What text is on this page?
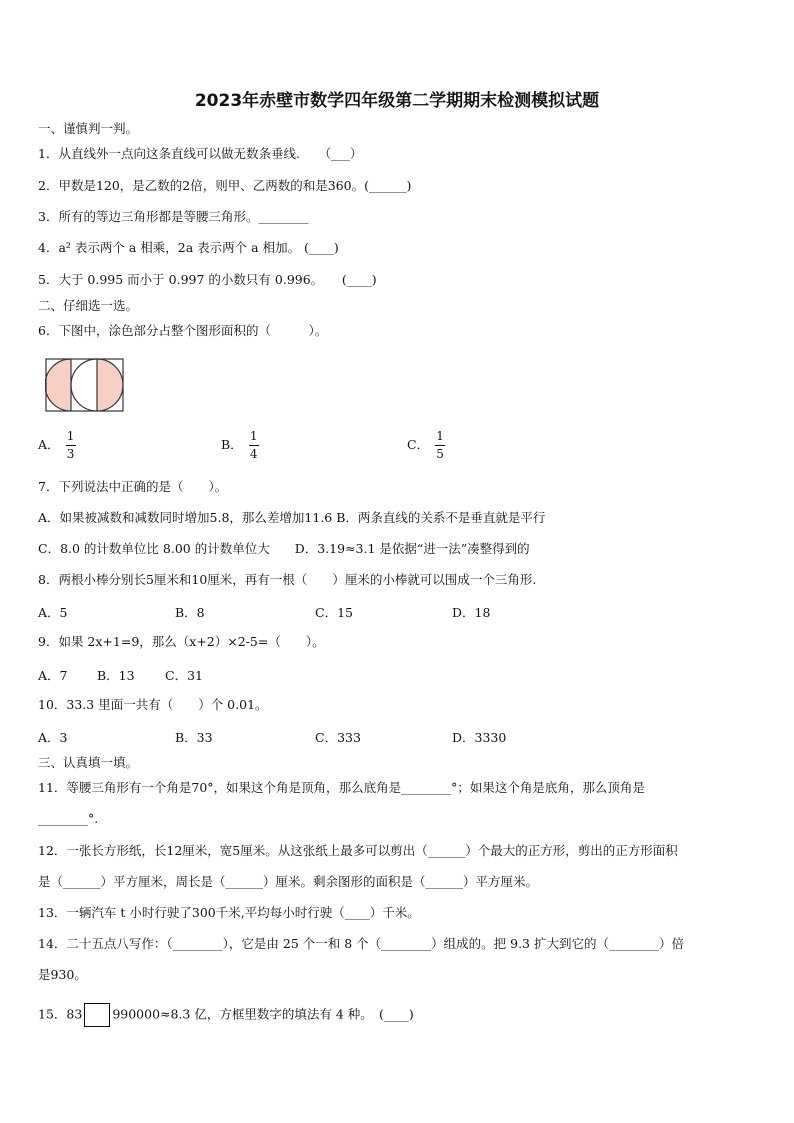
2023年赤壁市数学四年级第二学期期末检测模拟试题
一、谨慎判一判。
1．从直线外一点向这条直线可以做无数条垂线.　　（___）
2．甲数是120，是乙数的2倍，则甲、乙两数的和是360。(______)
3．所有的等边三角形都是等腰三角形。________
4．a² 表示两个 a 相乘，2a 表示两个 a 相加。 (____)
5．大于 0.995 而小于 0.997 的小数只有 0.996。　　(____)
二、仔细选一选。
6．下图中，涂色部分占整个图形面积的（　　　）。
A． $\frac{1}{3}$	B． $\frac{1}{4}$	C． $\frac{1}{5}$
7．下列说法中正确的是（　　）。
A．如果被减数和减数同时增加5.8，那么差增加11.6 B．两条直线的关系不是垂直就是平行
C．8.0 的计数单位比 8.00 的计数单位大　　D．3.19≈3.1 是依据“进一法”凑整得到的
8．两根小棒分别长5厘米和10厘米，再有一根（　　）厘米的小棒就可以围成一个三角形.
A．5	B．8	C．15	D．18
9．如果 2x+1=9，那么（x+2）×2-5=（　　）。
A．7 B．13 C．31
10．33.3 里面一共有（　　）个 0.01。
A．3	B．33	C．333	D．3330
三、认真填一填。
11．等腰三角形有一个角是70°，如果这个角是顶角，那么底角是________°；如果这个角是底角，那么顶角是
________°.
12．一张长方形纸，长12厘米，宽5厘米。从这张纸上最多可以剪出（______）个最大的正方形，剪出的正方形面积
是（______）平方厘米，周长是（______）厘米。剩余图形的面积是（______）平方厘米。
13．一辆汽车 t 小时行驶了300千米,平均每小时行驶（____）千米。
14．二十五点八写作：（________），它是由 25 个一和 8 个（________）组成的。把 9.3 扩大到它的（________）倍
是930。
15．83 990000≈8.3 亿，方框里数字的填法有 4 种。　(____)
